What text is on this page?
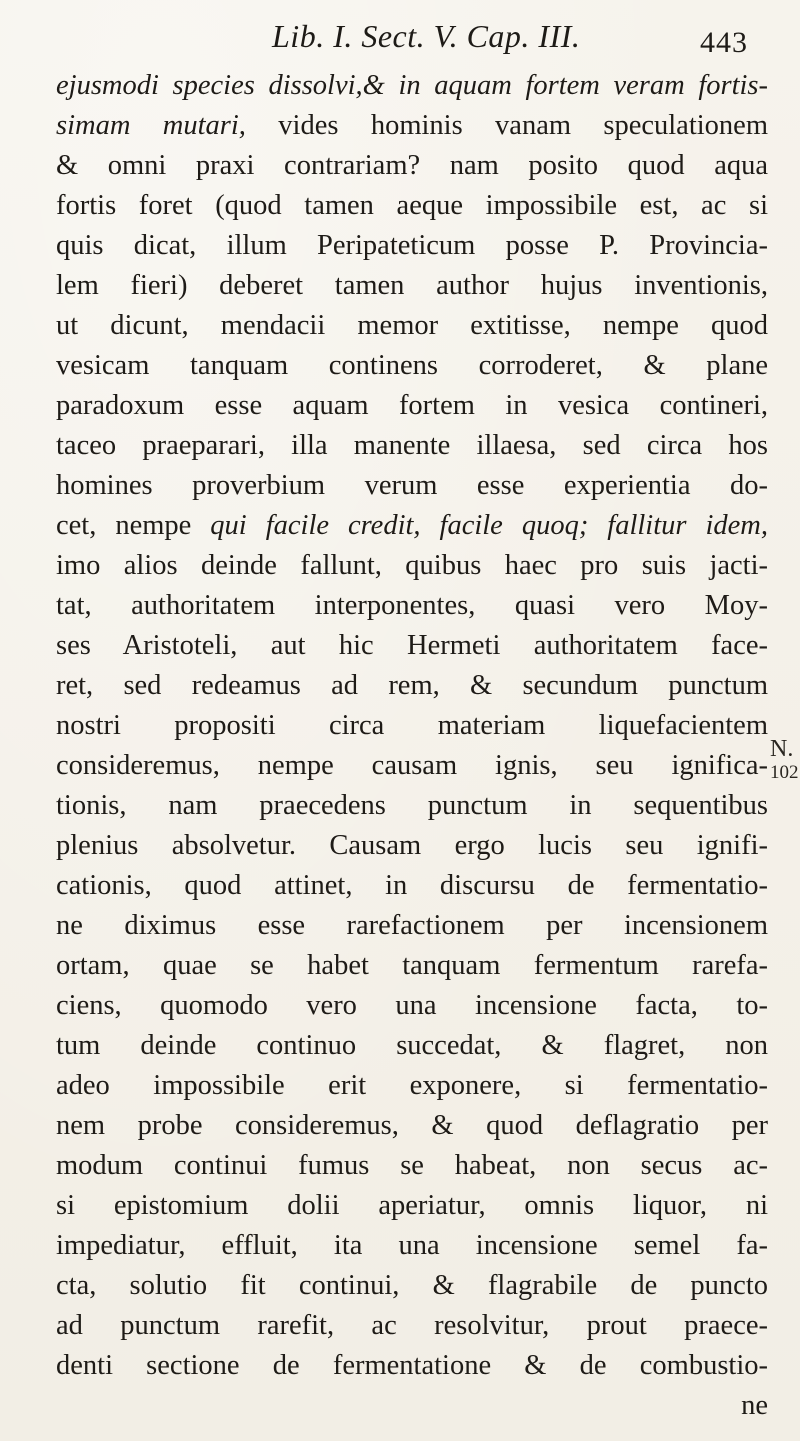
Lib. I. Sect. V. Cap. III.	443
ejusmodi species dissolvi,& in aquam fortem veram fortis-
simam mutari, vides hominis vanam speculationem
& omni praxi contrariam? nam posito quod aqua
fortis foret (quod tamen aeque impossibile est, ac si
quis dicat, illum Peripateticum posse P. Provincia-
lem fieri) deberet tamen author hujus inventionis,
ut dicunt, mendacii memor extitisse, nempe quod
vesicam tanquam continens corroderet, & plane
paradoxum esse aquam fortem in vesica contineri,
taceo praeparari, illa manente illaesa, sed circa hos
homines proverbium verum esse experientia do-
cet, nempe qui facile credit, facile quoq; fallitur idem,
imo alios deinde fallunt, quibus haec pro suis jacti-
tat, authoritatem interponentes, quasi vero Moy-
ses Aristoteli, aut hic Hermeti authoritatem face-
ret, sed redeamus ad rem, & secundum punctum
nostri propositi circa materiam liquefacientem
consideremus, nempe causam ignis, seu ignifica-
tionis, nam praecedens punctum in sequentibus
plenius absolvetur. Causam ergo lucis seu ignifi-
cationis, quod attinet, in discursu de fermentatio-
ne diximus esse rarefactionem per incensionem
ortam, quae se habet tanquam fermentum rarefa-
ciens, quomodo vero una incensione facta, to-
tum deinde continuo succedat, & flagret, non
adeo impossibile erit exponere, si fermentatio-
nem probe consideremus, & quod deflagratio per
modum continui fumus se habeat, non secus ac-
si epistomium dolii aperiatur, omnis liquor, ni
impediatur, effluit, ita una incensione semel fa-
cta, solutio fit continui, & flagrabile de puncto
ad punctum rarefit, ac resolvitur, prout praece-
denti sectione de fermentatione & de combustio-
ne
N.
102
